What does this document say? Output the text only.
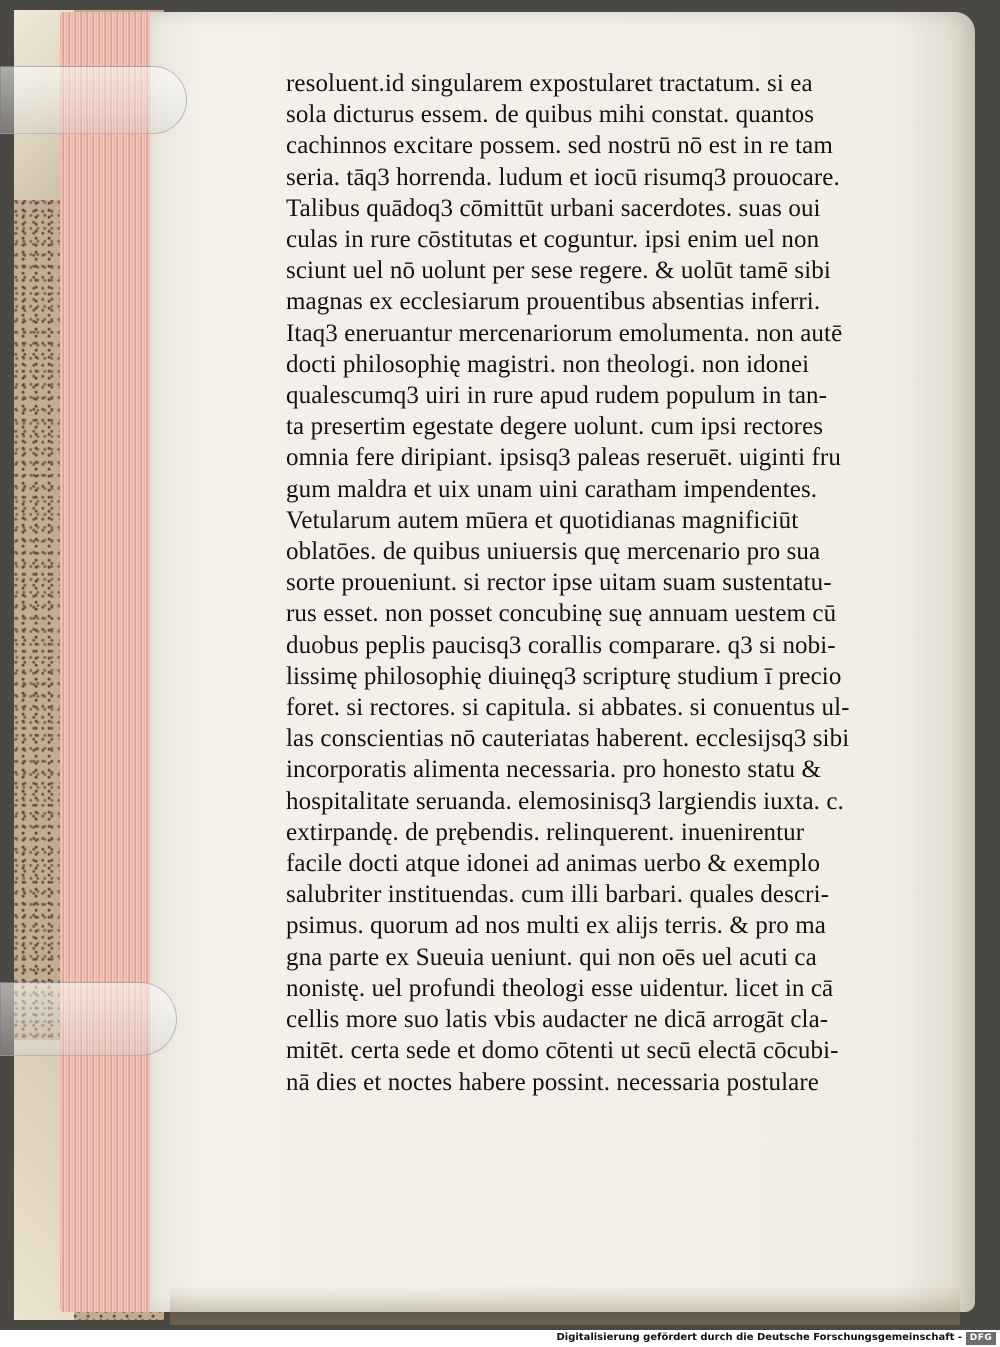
resoluent.id singularem expostularet tractatum. si ea
sola dicturus essem. de quibus mihi constat. quantos
cachinnos excitare possem. sed nostrū nō est in re tam
seria. tāq3 horrenda. ludum et iocū risumq3 prouocare.
Talibus quādoq3 cōmittūt urbani sacerdotes. suas oui
culas in rure cōstitutas et coguntur. ipsi enim uel non
sciunt uel nō uolunt per sese regere. & uolūt tamē sibi
magnas ex ecclesiarum prouentibus absentias inferri.
Itaq3 eneruantur mercenariorum emolumenta. non autē
docti philosophię magistri. non theologi. non idonei
qualescumq3 uiri in rure apud rudem populum in tan-
ta presertim egestate degere uolunt. cum ipsi rectores
omnia fere diripiant. ipsisq3 paleas reseruēt. uiginti fru
gum maldra et uix unam uini caratham impendentes.
Vetularum autem mūera et quotidianas magnificiūt
oblatōes. de quibus uniuersis quę mercenario pro sua
sorte proueniunt. si rector ipse uitam suam sustentatu-
rus esset. non posset concubinę suę annuam uestem cū
duobus peplis paucisq3 corallis comparare. q3 si nobi-
lissimę philosophię diuinęq3 scripturę studium ī precio
foret. si rectores. si capitula. si abbates. si conuentus ul-
las conscientias nō cauteriatas haberent. ecclesijsq3 sibi
incorporatis alimenta necessaria. pro honesto statu &
hospitalitate seruanda. elemosinisq3 largiendis iuxta. c.
extirpandę. de prębendis. relinquerent. inuenirentur
facile docti atque idonei ad animas uerbo & exemplo
salubriter instituendas. cum illi barbari. quales descri-
psimus. quorum ad nos multi ex alijs terris. & pro ma
gna parte ex Sueuia ueniunt. qui non oēs uel acuti ca
nonistę. uel profundi theologi esse uidentur. licet in cā
cellis more suo latis vbis audacter ne dicā arrogāt cla-
mitēt. certa sede et domo cōtenti ut secū electā cōcubi-
nā dies et noctes habere possint. necessaria postulare
Digitalisierung gefördert durch die Deutsche Forschungsgemeinschaft - DFG
